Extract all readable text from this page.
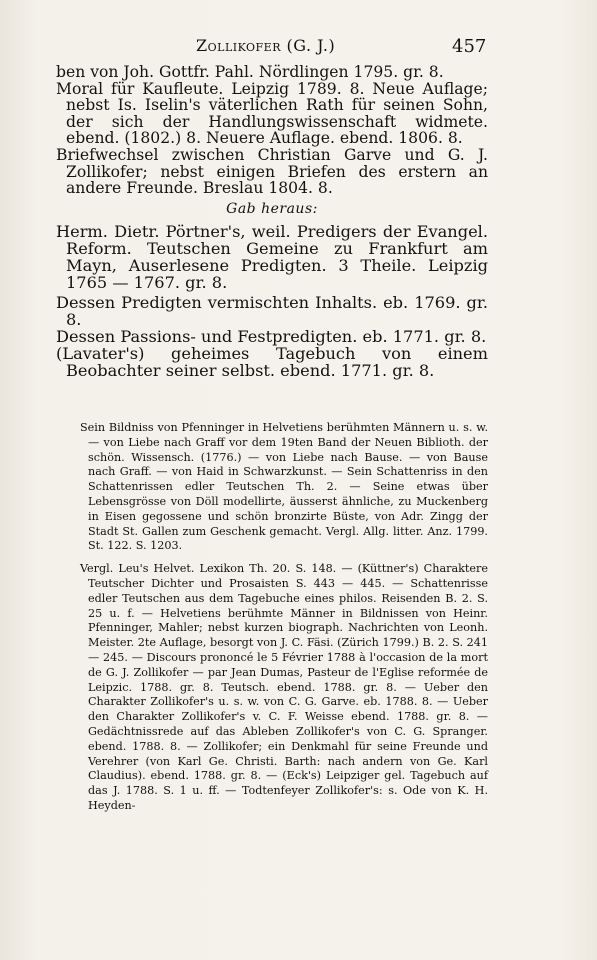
Zollikofer (G. J.)	457

ben von Joh. Gottfr. Pahl. Nördlingen 1795. gr. 8.

Moral für Kaufleute. Leipzig 1789. 8. Neue Auflage; nebst Is. Iselin's väterlichen Rath für seinen Sohn, der sich der Handlungswissenschaft widmete. ebend. (1802.) 8. Neuere Auflage. ebend. 1806. 8.

Briefwechsel zwischen Christian Garve und G. J. Zollikofer; nebst einigen Briefen des erstern an andere Freunde. Breslau 1804. 8.

Gab heraus:

Herm. Dietr. Pörtner's, weil. Predigers der Evangel. Reform. Teutschen Gemeine zu Frankfurt am Mayn, Auserlesene Predigten. 3 Theile. Leipzig 1765 — 1767. gr. 8.

Dessen Predigten vermischten Inhalts. eb. 1769. gr. 8.

Dessen Passions- und Festpredigten. eb. 1771. gr. 8.

(Lavater's) geheimes Tagebuch von einem Beobachter seiner selbst. ebend. 1771. gr. 8.

Sein Bildniss von Pfenninger in Helvetiens berühmten Männern u. s. w. — von Liebe nach Graff vor dem 19ten Band der Neuen Biblioth. der schön. Wissensch. (1776.) — von Liebe nach Bause. — von Bause nach Graff. — von Haid in Schwarzkunst. — Sein Schattenriss in den Schattenrissen edler Teutschen Th. 2. — Seine etwas über Lebensgrösse von Döll modellirte, äusserst ähnliche, zu Muckenberg in Eisen gegossene und schön bronzirte Büste, von Adr. Zingg der Stadt St. Gallen zum Geschenk gemacht. Vergl. Allg. litter. Anz. 1799. St. 122. S. 1203.

Vergl. Leu's Helvet. Lexikon Th. 20. S. 148. — (Küttner's) Charaktere Teutscher Dichter und Prosaisten S. 443 — 445. — Schattenrisse edler Teutschen aus dem Tagebuche eines philos. Reisenden B. 2. S. 25 u. f. — Helvetiens berühmte Männer in Bildnissen von Heinr. Pfenninger, Mahler; nebst kurzen biograph. Nachrichten von Leonh. Meister. 2te Auflage, besorgt von J. C. Fäsi. (Zürich 1799.) B. 2. S. 241 — 245. — Discours prononcé le 5 Février 1788 à l'occasion de la mort de G. J. Zollikofer — par Jean Dumas, Pasteur de l'Eglise reformée de Leipzic. 1788. gr. 8. Teutsch. ebend. 1788. gr. 8. — Ueber den Charakter Zollikofer's u. s. w. von C. G. Garve. eb. 1788. 8. — Ueber den Charakter Zollikofer's v. C. F. Weisse ebend. 1788. gr. 8. — Gedächtnissrede auf das Ableben Zollikofer's von C. G. Spranger. ebend. 1788. 8. — Zollikofer; ein Denkmahl für seine Freunde und Verehrer (von Karl Ge. Christi. Barth: nach andern von Ge. Karl Claudius). ebend. 1788. gr. 8. — (Eck's) Leipziger gel. Tagebuch auf das J. 1788. S. 1 u. ff. — Todtenfeyer Zollikofer's: s. Ode von K. H. Heyden-
